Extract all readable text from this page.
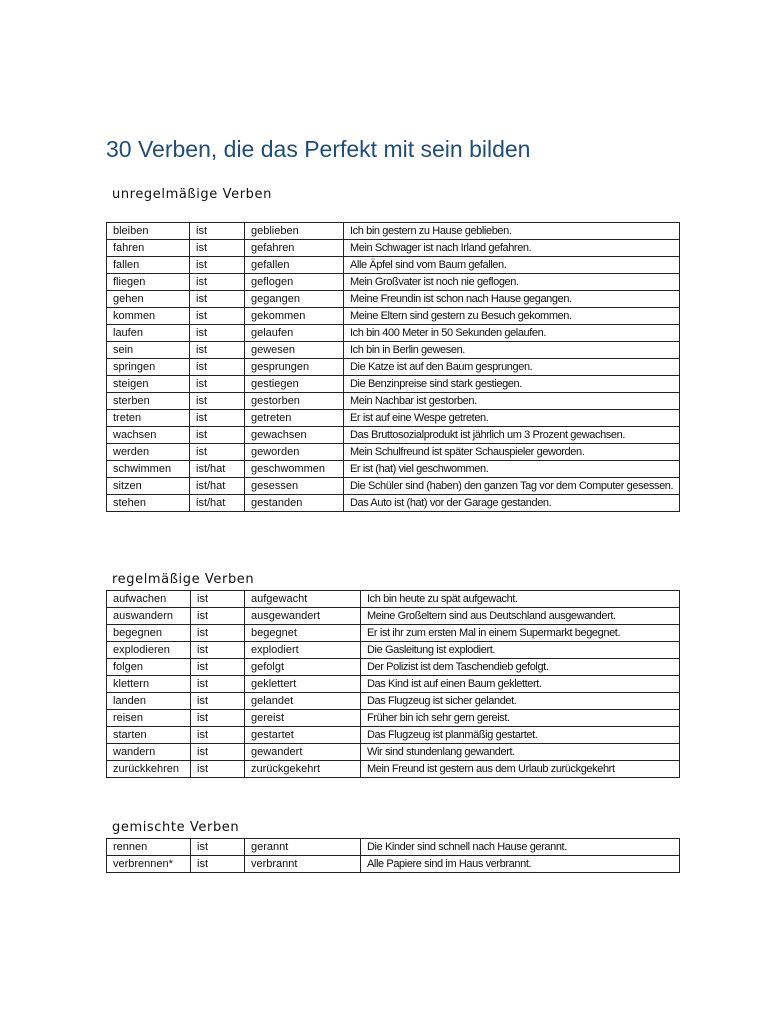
30 Verben, die das Perfekt mit sein bilden
unregelmäßige Verben
bleiben	ist	geblieben	Ich bin gestern zu Hause geblieben.
fahren	ist	gefahren	Mein Schwager ist nach Irland gefahren.
fallen	ist	gefallen	Alle Äpfel sind vom Baum gefallen.
fliegen	ist	geflogen	Mein Großvater ist noch nie geflogen.
gehen	ist	gegangen	Meine Freundin ist schon nach Hause gegangen.
kommen	ist	gekommen	Meine Eltern sind gestern zu Besuch gekommen.
laufen	ist	gelaufen	Ich bin 400 Meter in 50 Sekunden gelaufen.
sein	ist	gewesen	Ich bin in Berlin gewesen.
springen	ist	gesprungen	Die Katze ist auf den Baum gesprungen.
steigen	ist	gestiegen	Die Benzinpreise sind stark gestiegen.
sterben	ist	gestorben	Mein Nachbar ist gestorben.
treten	ist	getreten	Er ist auf eine Wespe getreten.
wachsen	ist	gewachsen	Das Bruttosozialprodukt ist jährlich um 3 Prozent gewachsen.
werden	ist	geworden	Mein Schulfreund ist später Schauspieler geworden.
schwimmen	ist/hat	geschwommen	Er ist (hat) viel geschwommen.
sitzen	ist/hat	gesessen	Die Schüler sind (haben) den ganzen Tag vor dem Computer gesessen.
stehen	ist/hat	gestanden	Das Auto ist (hat) vor der Garage gestanden.
regelmäßige Verben
aufwachen	ist	aufgewacht	Ich bin heute zu spät aufgewacht.
auswandern	ist	ausgewandert	Meine Großeltern sind aus Deutschland ausgewandert.
begegnen	ist	begegnet	Er ist ihr zum ersten Mal in einem Supermarkt begegnet.
explodieren	ist	explodiert	Die Gasleitung ist explodiert.
folgen	ist	gefolgt	Der Polizist ist dem Taschendieb gefolgt.
klettern	ist	geklettert	Das Kind ist auf einen Baum geklettert.
landen	ist	gelandet	Das Flugzeug ist sicher gelandet.
reisen	ist	gereist	Früher bin ich sehr gern gereist.
starten	ist	gestartet	Das Flugzeug ist planmäßig gestartet.
wandern	ist	gewandert	Wir sind stundenlang gewandert.
zurückkehren	ist	zurückgekehrt	Mein Freund ist gestern aus dem Urlaub zurückgekehrt
gemischte Verben
rennen	ist	gerannt	Die Kinder sind schnell nach Hause gerannt.
verbrennen*	ist	verbrannt	Alle Papiere sind im Haus verbrannt.
